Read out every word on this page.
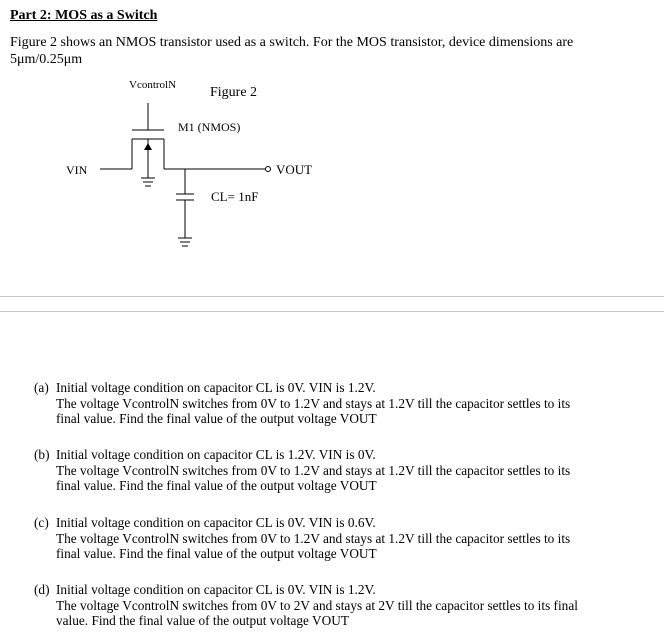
Part 2: MOS as a Switch
Figure 2 shows an NMOS transistor used as a switch. For the MOS transistor, device dimensions are
5μm/0.25μm
VcontrolN Figure 2
M1 (NMOS)
VIN	VOUT
CL= 1nF
(a) Initial voltage condition on capacitor CL is 0V. VIN is 1.2V.
The voltage VcontrolN switches from 0V to 1.2V and stays at 1.2V till the capacitor settles to its
final value. Find the final value of the output voltage VOUT
(b) Initial voltage condition on capacitor CL is 1.2V. VIN is 0V.
The voltage VcontrolN switches from 0V to 1.2V and stays at 1.2V till the capacitor settles to its
final value. Find the final value of the output voltage VOUT
(c) Initial voltage condition on capacitor CL is 0V. VIN is 0.6V.
The voltage VcontrolN switches from 0V to 1.2V and stays at 1.2V till the capacitor settles to its
final value. Find the final value of the output voltage VOUT
(d) Initial voltage condition on capacitor CL is 0V. VIN is 1.2V.
The voltage VcontrolN switches from 0V to 2V and stays at 2V till the capacitor settles to its final
value. Find the final value of the output voltage VOUT
